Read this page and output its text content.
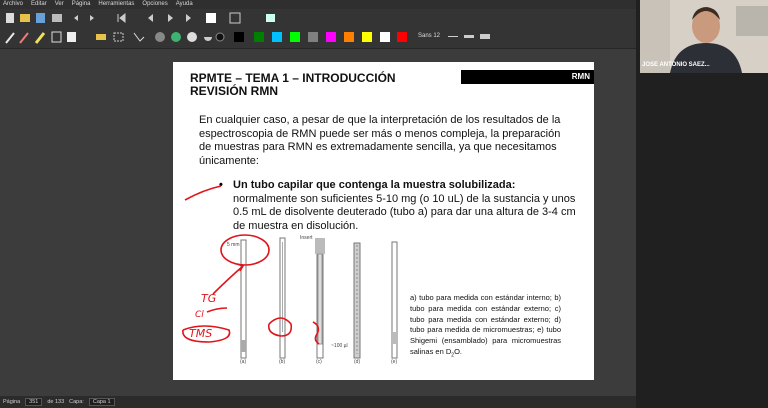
Archivo Editar Ver Página Herramientas Opciones Ayuda
Sans 12
RPMTE – TEMA 1 – INTRODUCCIÓN
REVISIÓN RMN
RMN
En cualquier caso, a pesar de que la interpretación de los resultados de la espectroscopia de RMN puede ser más o menos compleja, la preparación de muestras para RMN es extremadamente sencilla, ya que necesitamos únicamente:
• Un tubo capilar que contenga la muestra solubilizada: normalmente son suficientes 5-10 mg (o 10 uL) de la sustancia y unos 0.5 mL de disolvente deuterado (tubo a) para dar una altura de 3-4 cm de muestra en disolución.
5 mm
Insert
~100 µl
(a)	(b)	(c)	(d)	(e)
TG
Cl
TMS
a) tubo para medida con estándar interno; b) tubo para medida con estándar externo; c) tubo para medida con estándar externo; d) tubo para medida de micromuestras; e) tubo Shigemi (ensamblado) para micromuestras salinas en $D_2O$.
Página	351	de 133 Capa:	Capa 1
JOSE ANTONIO SAEZ...
